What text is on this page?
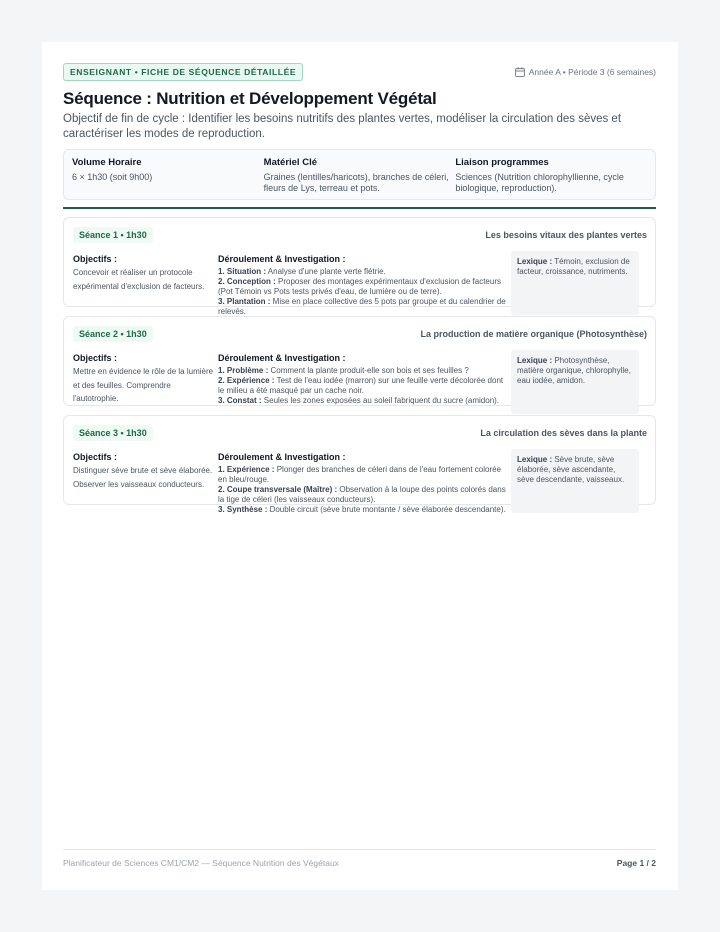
ENSEIGNANT • FICHE DE SÉQUENCE DÉTAILLÉE	Année A • Période 3 (6 semaines)
Séquence : Nutrition et Développement Végétal
Objectif de fin de cycle : Identifier les besoins nutritifs des plantes vertes, modéliser la circulation des sèves et caractériser les modes de reproduction.
Volume Horaire
6 × 1h30 (soit 9h00)
Matériel Clé
Graines (lentilles/haricots), branches de céleri, fleurs de Lys, terreau et pots.
Liaison programmes
Sciences (Nutrition chlorophyllienne, cycle biologique, reproduction).
Séance 1 • 1h30	Les besoins vitaux des plantes vertes
Objectifs :
Concevoir et réaliser un protocole expérimental d'exclusion de facteurs.
Déroulement & Investigation :
1. Situation : Analyse d'une plante verte flétrie.
2. Conception : Proposer des montages expérimentaux d'exclusion de facteurs (Pot Témoin vs Pots tests privés d'eau, de lumière ou de terre).
3. Plantation : Mise en place collective des 5 pots par groupe et du calendrier de relevés.
Lexique : Témoin, exclusion de facteur, croissance, nutriments.
Séance 2 • 1h30	La production de matière organique (Photosynthèse)
Objectifs :
Mettre en évidence le rôle de la lumière et des feuilles. Comprendre l'autotrophie.
Déroulement & Investigation :
1. Problème : Comment la plante produit-elle son bois et ses feuilles ?
2. Expérience : Test de l'eau iodée (marron) sur une feuille verte décolorée dont le milieu a été masqué par un cache noir.
3. Constat : Seules les zones exposées au soleil fabriquent du sucre (amidon).
Lexique : Photosynthèse, matière organique, chlorophylle, eau iodée, amidon.
Séance 3 • 1h30	La circulation des sèves dans la plante
Objectifs :
Distinguer sève brute et sève élaborée. Observer les vaisseaux conducteurs.
Déroulement & Investigation :
1. Expérience : Plonger des branches de céleri dans de l'eau fortement colorée en bleu/rouge.
2. Coupe transversale (Maître) : Observation à la loupe des points colorés dans la tige de céleri (les vaisseaux conducteurs).
3. Synthèse : Double circuit (sève brute montante / sève élaborée descendante).
Lexique : Sève brute, sève élaborée, sève ascendante, sève descendante, vaisseaux.
Planificateur de Sciences CM1/CM2 — Séquence Nutrition des Végétaux	Page 1 / 2
